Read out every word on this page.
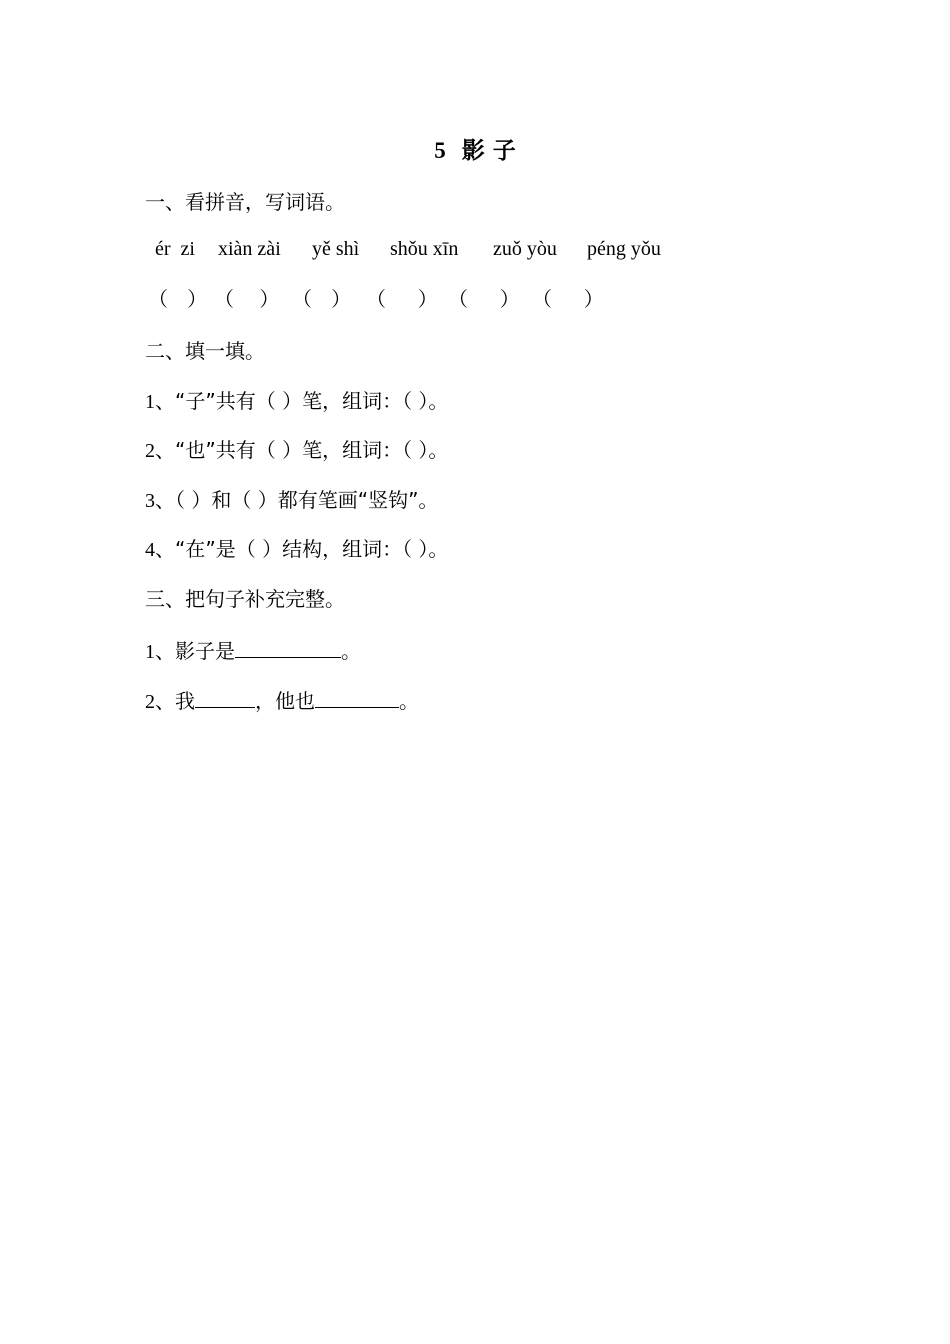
5 影 子
一、看拼音，写词语。
ér  zi xiàn zài yě shì shǒu xīn zuǒ yòu péng yǒu
（   ） （    ） （   ） （     ） （     ） （     ）
二、填一填。
1、“子”共有（ ）笔，组词：（ ）。
2、“也”共有（ ）笔，组词：（ ）。
3、（ ）和（ ）都有笔画“竖钩”。
4、“在”是（ ）结构，组词：（ ）。
三、把句子补充完整。
1、影子是	。
2、我	，他也	。
